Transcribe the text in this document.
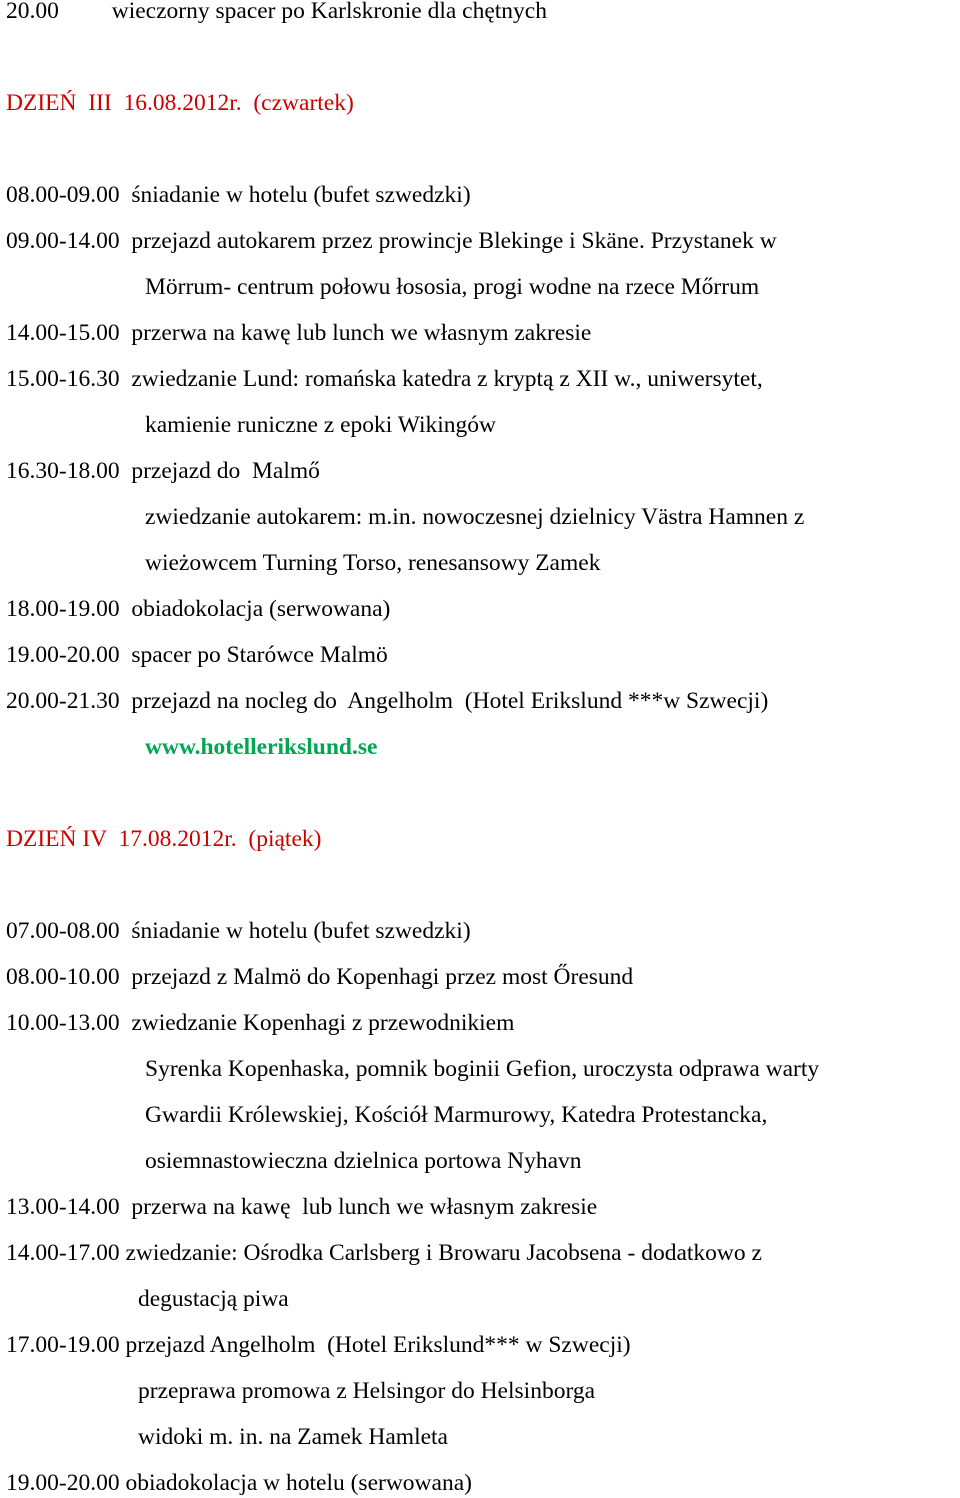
20.00         wieczorny spacer po Karlskronie dla chętnych

DZIEŃ  III  16.08.2012r.  (czwartek)

08.00-09.00  śniadanie w hotelu (bufet szwedzki)

09.00-14.00  przejazd autokarem przez prowincje Blekinge i Skäne. Przystanek w

Mörrum- centrum połowu łososia, progi wodne na rzece Mőrrum

14.00-15.00  przerwa na kawę lub lunch we własnym zakresie

15.00-16.30  zwiedzanie Lund: romańska katedra z kryptą z XII w., uniwersytet,

kamienie runiczne z epoki Wikingów

16.30-18.00  przejazd do  Malmő

zwiedzanie autokarem: m.in. nowoczesnej dzielnicy Västra Hamnen z

wieżowcem Turning Torso, renesansowy Zamek

18.00-19.00  obiadokolacja (serwowana)

19.00-20.00  spacer po Starówce Malmö

20.00-21.30  przejazd na nocleg do  Angelholm  (Hotel Erikslund ***w Szwecji)

www.hotellerikslund.se

DZIEŃ IV  17.08.2012r.  (piątek)

07.00-08.00  śniadanie w hotelu (bufet szwedzki)

08.00-10.00  przejazd z Malmö do Kopenhagi przez most Őresund

10.00-13.00  zwiedzanie Kopenhagi z przewodnikiem

Syrenka Kopenhaska, pomnik boginii Gefion, uroczysta odprawa warty

Gwardii Królewskiej, Kościół Marmurowy, Katedra Protestancka,

osiemnastowieczna dzielnica portowa Nyhavn

13.00-14.00  przerwa na kawę  lub lunch we własnym zakresie

14.00-17.00 zwiedzanie: Ośrodka Carlsberg i Browaru Jacobsena - dodatkowo z

degustacją piwa

17.00-19.00 przejazd Angelholm  (Hotel Erikslund*** w Szwecji)

przeprawa promowa z Helsingor do Helsinborga

widoki m. in. na Zamek Hamleta

19.00-20.00 obiadokolacja w hotelu (serwowana)
